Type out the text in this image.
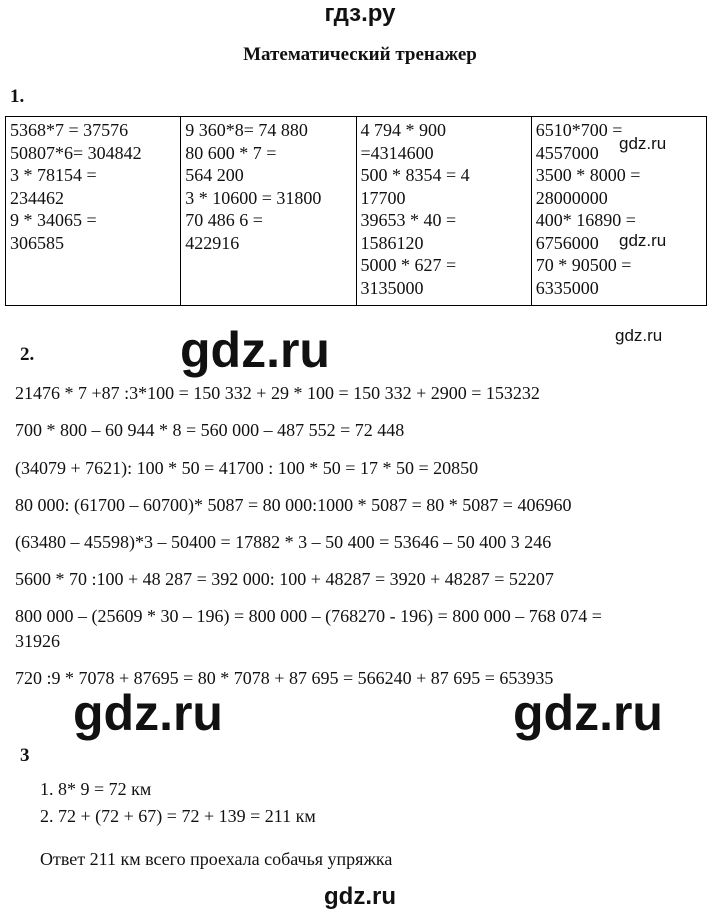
гдз.ру
Математический тренажер
1.
5368*7 = 37576
50807*6= 304842
3 * 78154 =
234462
9 * 34065 =
306585

9 360*8= 74 880
80 600 * 7 =
564 200
3 * 10600 = 31800
70 486 6 =
422916

4 794 * 900
=4314600
500 * 8354 = 4
17700
39653 * 40 =
1586120
5000 * 627 =
3135000

6510*700 =
4557000
3500 * 8000 =
28000000
400* 16890 =
6756000
70 * 90500 =
6335000
gdz.ru
gdz.ru
gdz.ru
2.	gdz.ru
21476 * 7 +87 :3*100 = 150 332 + 29 * 100 = 150 332 + 2900 = 153232
700 * 800 – 60 944 * 8 = 560 000 – 487 552 = 72 448
(34079 + 7621): 100 * 50 = 41700 : 100 * 50 = 17 * 50 = 20850
80 000: (61700 – 60700)* 5087 = 80 000:1000 * 5087 = 80 * 5087 = 406960
(63480 – 45598)*3 – 50400 = 17882 * 3 – 50 400 = 53646 – 50 400 3 246
5600 * 70 :100 + 48 287 = 392 000: 100 + 48287 = 3920 + 48287 = 52207
800 000 – (25609 * 30 – 196) = 800 000 – (768270 - 196) = 800 000 – 768 074 =
31926
720 :9 * 7078 + 87695 = 80 * 7078 + 87 695 = 566240 + 87 695 = 653935
gdz.ru	gdz.ru
3
1. 8* 9 = 72 км
2. 72 + (72 + 67) = 72 + 139 = 211 км
Ответ 211 км всего проехала собачья упряжка
gdz.ru
